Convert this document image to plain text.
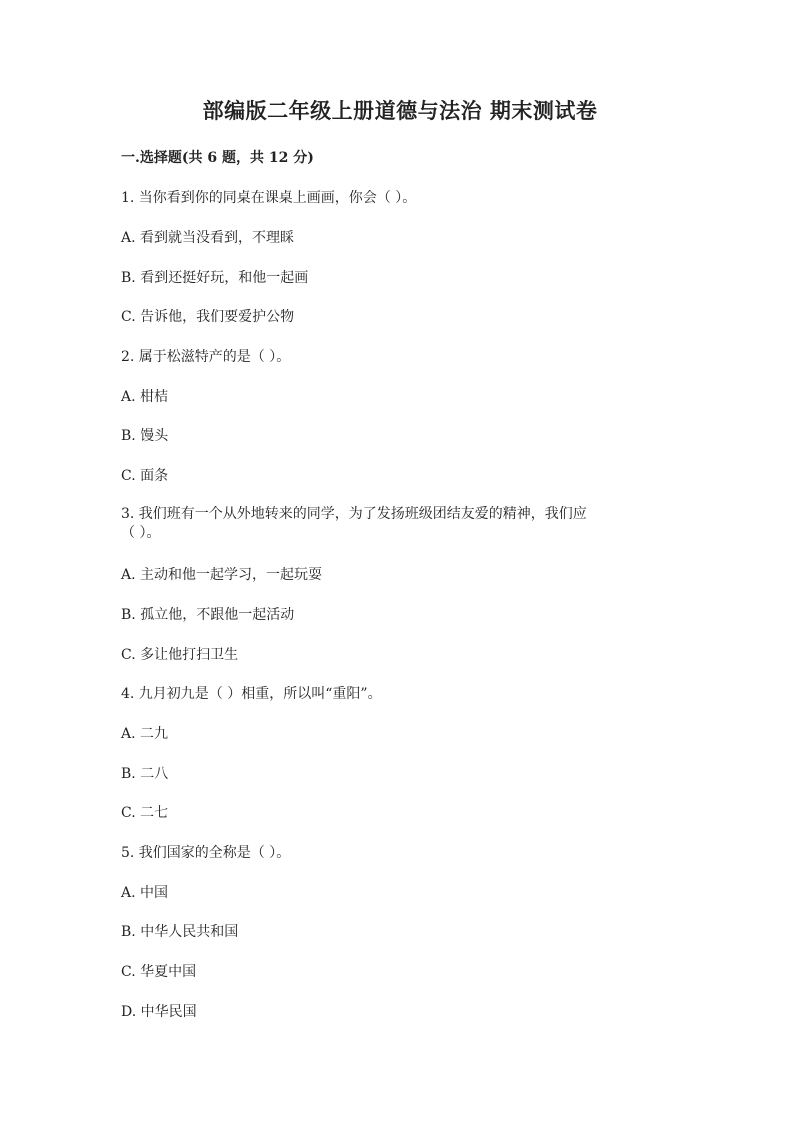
部编版二年级上册道德与法治 期末测试卷
一.选择题(共 6 题，共 12 分)
1. 当你看到你的同桌在课桌上画画，你会（ ）。
A. 看到就当没看到，不理睬
B. 看到还挺好玩，和他一起画
C. 告诉他，我们要爱护公物
2. 属于松滋特产的是（ ）。
A. 柑桔
B. 馒头
C. 面条
3. 我们班有一个从外地转来的同学，为了发扬班级团结友爱的精神，我们应
（ ）。
A. 主动和他一起学习，一起玩耍
B. 孤立他，不跟他一起活动
C. 多让他打扫卫生
4. 九月初九是（ ）相重，所以叫“重阳”。
A. 二九
B. 二八
C. 二七
5. 我们国家的全称是（ ）。
A. 中国
B. 中华人民共和国
C. 华夏中国
D. 中华民国
